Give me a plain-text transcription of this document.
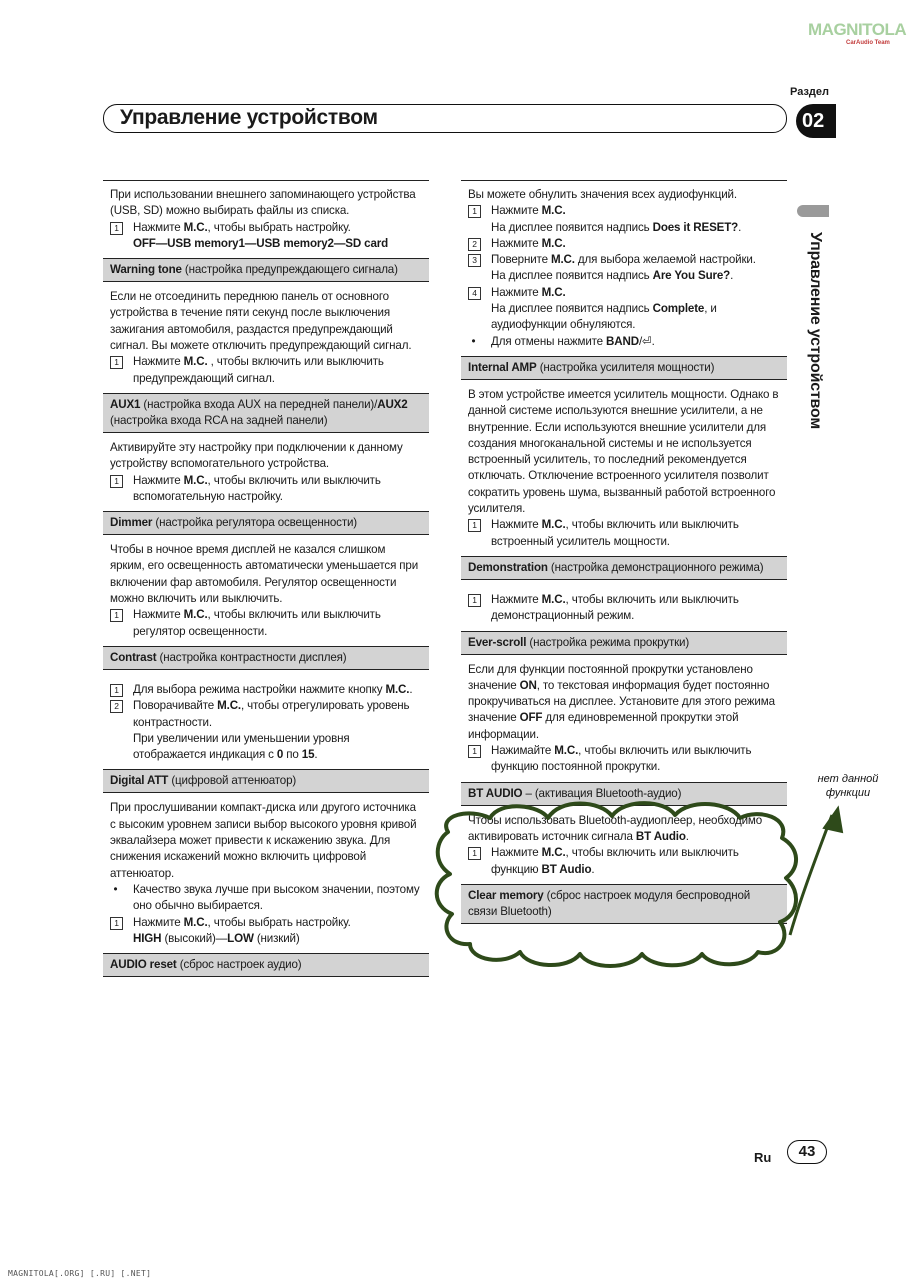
MAGNITOLA
CarAudio Team
Раздел
Управление устройством	02
Управление устройством

При использовании внешнего запоминающего устройства (USB, SD) можно выбирать файлы из списка.

1	Нажмите M.C., чтобы выбрать настройку.
OFF—USB memory1—USB memory2—SD card
Warning tone (настройка предупреждающего сигнала)

Если не отсоединить переднюю панель от основного устройства в течение пяти секунд после выключения зажигания автомобиля, раздастся предупреждающий сигнал. Вы можете отключить предупреждающий сигнал.

1	Нажмите M.C. , чтобы включить или выключить предупреждающий сигнал.
AUX1 (настройка входа AUX на передней панели)/AUX2 (настройка входа RCA на задней панели)

Активируйте эту настройку при подключении к данному устройству вспомогательного устройства.

1	Нажмите M.C., чтобы включить или выключить вспомогательную настройку.
Dimmer (настройка регулятора освещенности)

Чтобы в ночное время дисплей не казался слишком ярким, его освещенность автоматически уменьшается при включении фар автомобиля. Регулятор освещенности можно включить или выключить.

1	Нажмите M.C., чтобы включить или выключить регулятор освещенности.
Contrast (настройка контрастности дисплея)
1	Для выбора режима настройки нажмите кнопку M.C..
2	Поворачивайте M.C., чтобы отрегулировать уровень контрастности.
При увеличении или уменьшении уровня отображается индикация с 0 по 15.
Digital ATT (цифровой аттенюатор)

При прослушивании компакт-диска или другого источника с высоким уровнем записи выбор высокого уровня кривой эквалайзера может привести к искажению звука. Для снижения искажений можно включить цифровой аттенюатор.

•	Качество звука лучше при высоком значении, поэтому оно обычно выбирается.
1	Нажмите M.C., чтобы выбрать настройку.
HIGH (высокий)—LOW (низкий)
AUDIO reset (сброс настроек аудио)

Вы можете обнулить значения всех аудиофункций.

1	Нажмите M.C.
На дисплее появится надпись Does it RESET?.
2	Нажмите M.C.
3	Поверните M.C. для выбора желаемой настройки.
На дисплее появится надпись Are You Sure?.
4	Нажмите M.C.
На дисплее появится надпись Complete, и аудиофункции обнуляются.
•	Для отмены нажмите BAND/⏎.
Internal AMP (настройка усилителя мощности)

В этом устройстве имеется усилитель мощности. Однако в данной системе используются внешние усилители, а не внутренние. Если используются внешние усилители для создания многоканальной системы и не используется встроенный усилитель, то последний рекомендуется отключать. Отключение встроенного усилителя позволит сократить уровень шума, вызванный работой встроенного усилителя.

1	Нажмите M.C., чтобы включить или выключить встроенный усилитель мощности.
Demonstration (настройка демонстрационного режима)
1	Нажмите M.C., чтобы включить или выключить демонстрационный режим.
Ever-scroll (настройка режима прокрутки)

Если для функции постоянной прокрутки установлено значение ON, то текстовая информация будет постоянно прокручиваться на дисплее. Установите для этого режима значение OFF для единовременной прокрутки этой информации.

1	Нажимайте M.C., чтобы включить или выключить функцию постоянной прокрутки.
BT AUDIO – (активация Bluetooth-аудио)

Чтобы использовать Bluetooth-аудиоплеер, необходимо активировать источник сигнала BT Audio.

1	Нажмите M.C., чтобы включить или выключить функцию BT Audio.
Clear memory (сброс настроек модуля беспроводной связи Bluetooth)
нет данной функции
Ru	43
MAGNITOLA[.ORG] [.RU] [.NET]
